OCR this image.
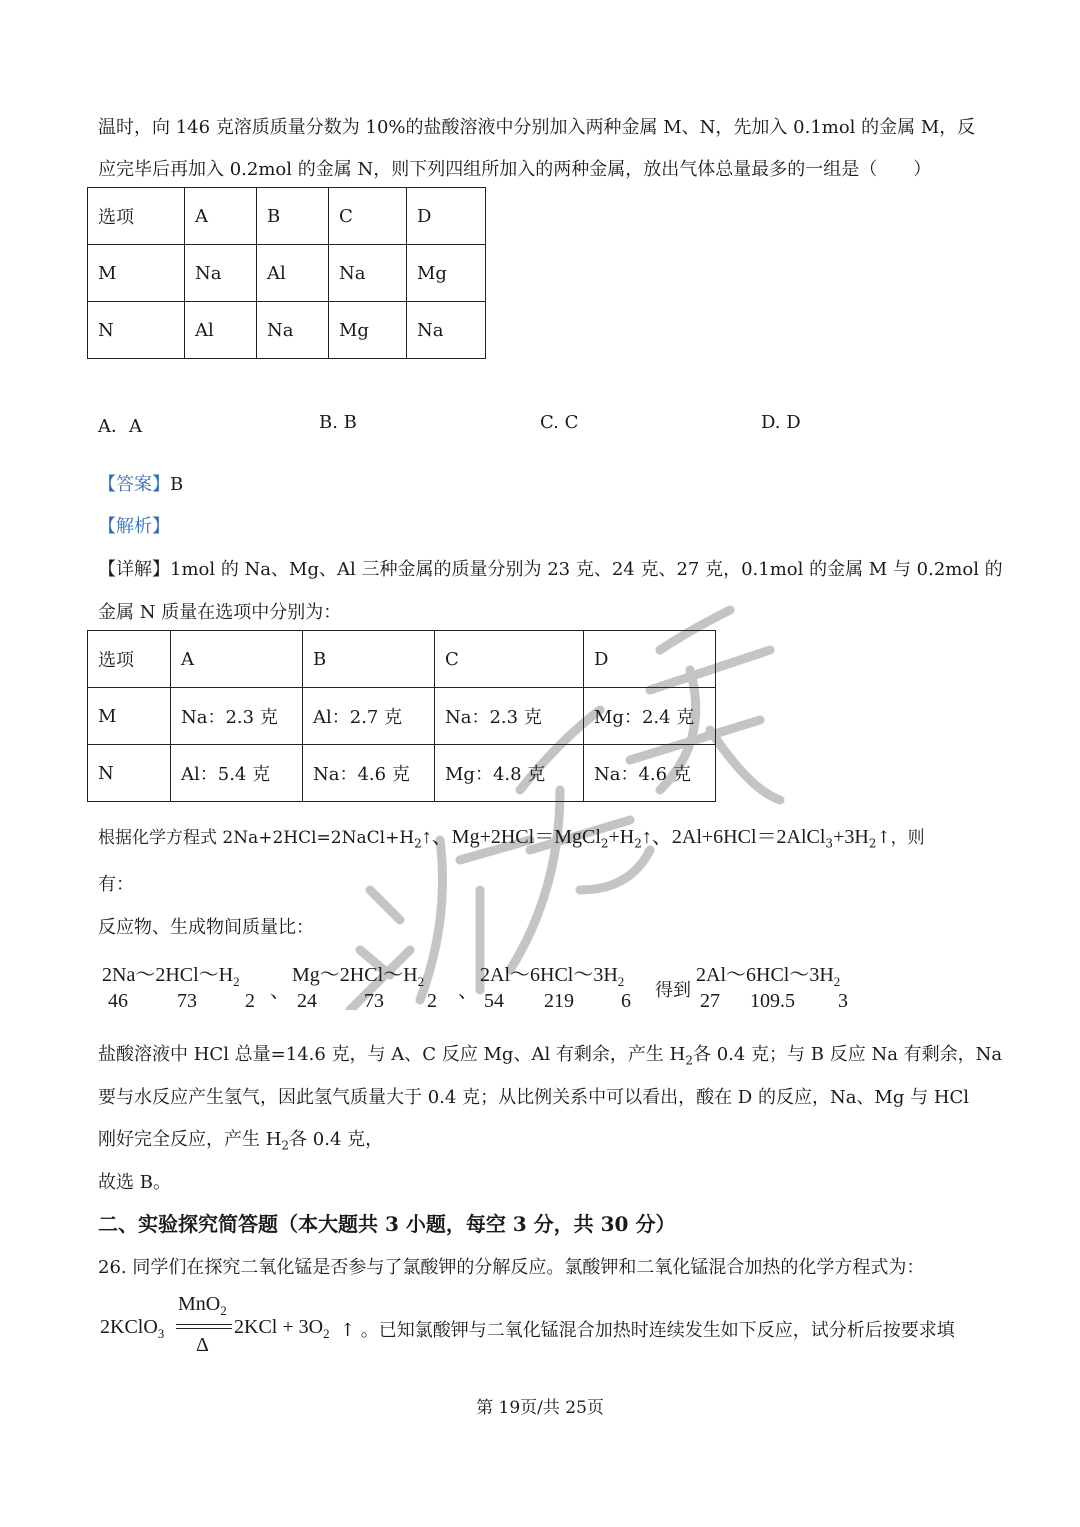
温时，向 146 克溶质质量分数为 10%的盐酸溶液中分别加入两种金属 M、N，先加入 0.1mol 的金属 M，反
应完毕后再加入 0.2mol 的金属 N，则下列四组所加入的两种金属，放出气体总量最多的一组是（　　）
选项	A	B	C	D
M	Na	Al	Na	Mg
N	Al	Na	Mg	Na
A．A	B. B	C. C	D. D
【答案】B
【解析】
【详解】1mol 的 Na、Mg、Al 三种金属的质量分别为 23 克、24 克、27 克，0.1mol 的金属 M 与 0.2mol 的
金属 N 质量在选项中分别为：
选项	A	B	C	D
M	Na：2.3 克	Al：2.7 克	Na：2.3 克	Mg：2.4 克
N	Al：5.4 克	Na：4.6 克	Mg：4.8 克	Na：4.6 克
根据化学方程式 $2Na+2HCl=2NaCl+H_2↑$、$Mg+2HCl=MgCl_2+H_2↑$、$2Al+6HCl=2AlCl_3+3H_2↑$，则
有：
反应物、生成物间质量比：
$2Na\sim 2HCl\sim H_2$
46 73 2 、
$Mg\sim 2HCl\sim H_2$
24 73 2 、
$2Al\sim 6HCl\sim 3H_2$
54 219 6 得到
$2Al\sim 6HCl\sim 3H_2$
27 109.5 3
盐酸溶液中 HCl 总量=14.6 克，与 A、C 反应 Mg、Al 有剩余，产生 $H_2$各 0.4 克；与 B 反应 Na 有剩余，Na
要与水反应产生氢气，因此氢气质量大于 0.4 克；从比例关系中可以看出，酸在 D 的反应，Na、Mg 与 HCl
刚好完全反应，产生 $H_2$各 0.4 克，
故选 B。
二、实验探究简答题（本大题共 3 小题，每空 3 分，共 30 分）
26. 同学们在探究二氧化锰是否参与了氯酸钾的分解反应。氯酸钾和二氧化锰混合加热的化学方程式为：
2KClO$_3$
MnO$_2$
Δ
$2KCl + 3O_2$ ↑ 。已知氯酸钾与二氧化锰混合加热时连续发生如下反应，试分析后按要求填
第 19页/共 25页
